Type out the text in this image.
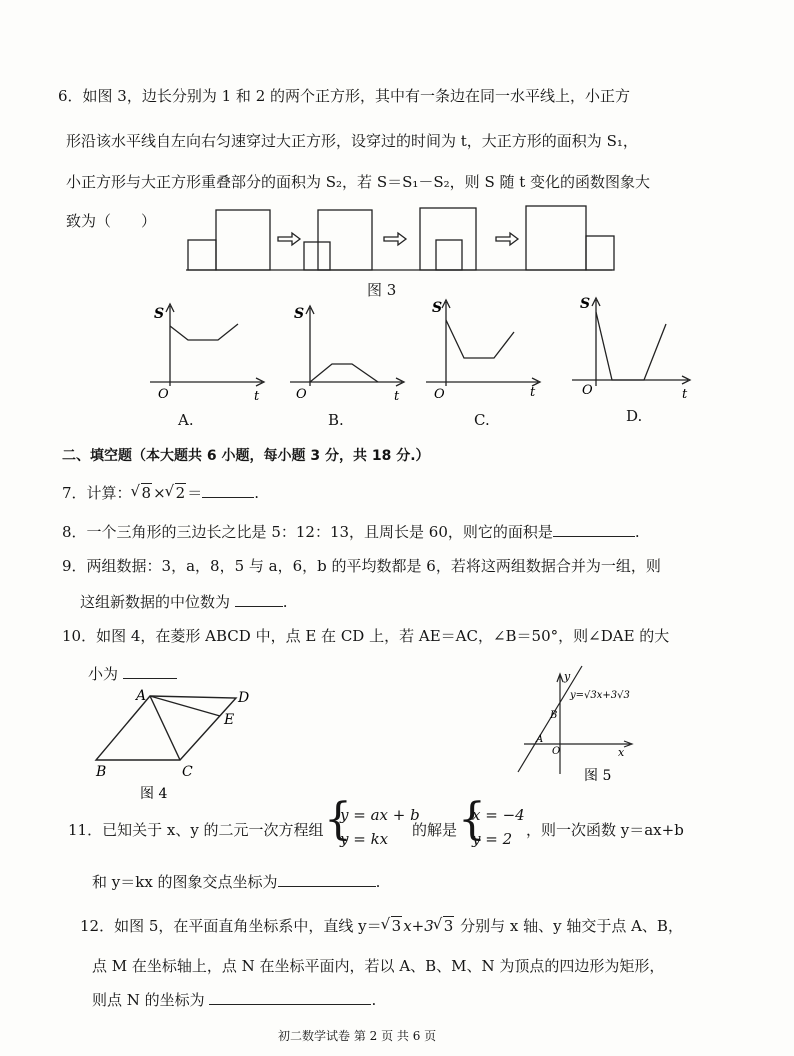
6．如图 3，边长分别为 1 和 2 的两个正方形，其中有一条边在同一水平线上，小正方
形沿该水平线自左向右匀速穿过大正方形，设穿过的时间为 t，大正方形的面积为 S₁，
小正方形与大正方形重叠部分的面积为 S₂，若 S＝S₁－S₂，则 S 随 t 变化的函数图象大
致为（　　）
图 3
S
O	t
S
O	t
S
O	t
S
O	t
A.	B.	C.	D.
二、填空题（本大题共 6 小题，每小题 3 分，共 18 分.）
7．计算： √ 8 × √ 2 ＝	.
8．一个三角形的三边长之比是 5：12：13，且周长是 60，则它的面积是	.
9．两组数据：3，a，8，5 与 a，6，b 的平均数都是 6，若将这两组数据合并为一组，则
这组新数据的中位数为	.
10．如图 4，在菱形 ABCD 中，点 E 在 CD 上，若 AE＝AC，∠B＝50°，则∠DAE 的大
小为
A	D
E
C
B
图 4
y
x
y=√3x+3√3
B
A
O
图 5
11．已知关于 x、y 的二元一次方程组 {
y = ax + b
y = kx 的解是 {
x = −4
y = 2 ，则一次函数 y＝ax+b
和 y＝kx 的图象交点坐标为	.
12．如图 5，在平面直角坐标系中，直线 y＝ √ 3 x+3 √ 3 分别与 x 轴、y 轴交于点 A、B，
点 M 在坐标轴上，点 N 在坐标平面内，若以 A、B、M、N 为顶点的四边形为矩形，
则点 N 的坐标为	.
初二数学试卷 第 2 页 共 6 页
